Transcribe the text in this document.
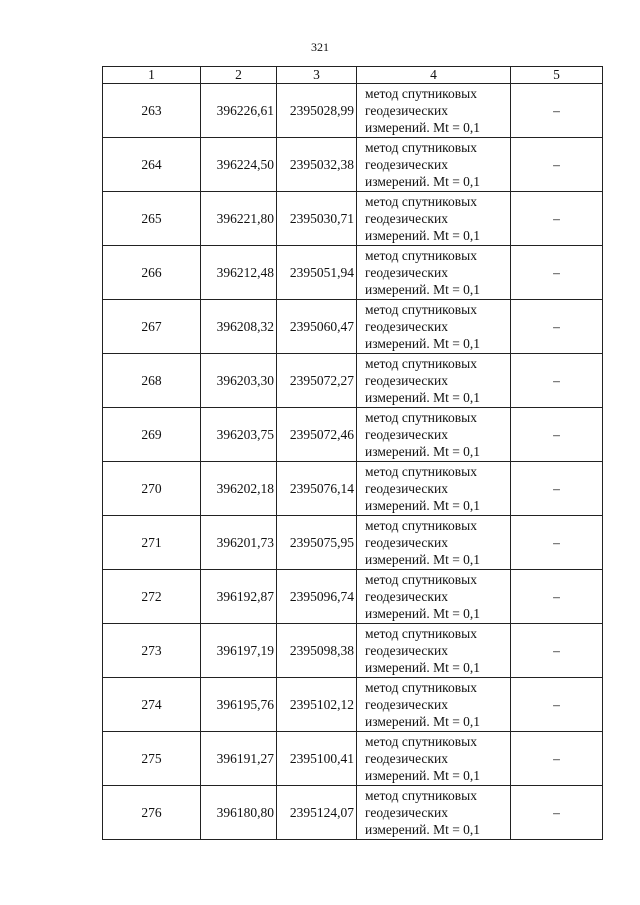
321
1	2	3	4	5
263	396226,61	2395028,99	метод спутниковых
геодезических
измерений. Mt = 0,1	–
264	396224,50	2395032,38	метод спутниковых
геодезических
измерений. Mt = 0,1	–
265	396221,80	2395030,71	метод спутниковых
геодезических
измерений. Mt = 0,1	–
266	396212,48	2395051,94	метод спутниковых
геодезических
измерений. Mt = 0,1	–
267	396208,32	2395060,47	метод спутниковых
геодезических
измерений. Mt = 0,1	–
268	396203,30	2395072,27	метод спутниковых
геодезических
измерений. Mt = 0,1	–
269	396203,75	2395072,46	метод спутниковых
геодезических
измерений. Mt = 0,1	–
270	396202,18	2395076,14	метод спутниковых
геодезических
измерений. Mt = 0,1	–
271	396201,73	2395075,95	метод спутниковых
геодезических
измерений. Mt = 0,1	–
272	396192,87	2395096,74	метод спутниковых
геодезических
измерений. Mt = 0,1	–
273	396197,19	2395098,38	метод спутниковых
геодезических
измерений. Mt = 0,1	–
274	396195,76	2395102,12	метод спутниковых
геодезических
измерений. Mt = 0,1	–
275	396191,27	2395100,41	метод спутниковых
геодезических
измерений. Mt = 0,1	–
276	396180,80	2395124,07	метод спутниковых
геодезических
измерений. Mt = 0,1	–
